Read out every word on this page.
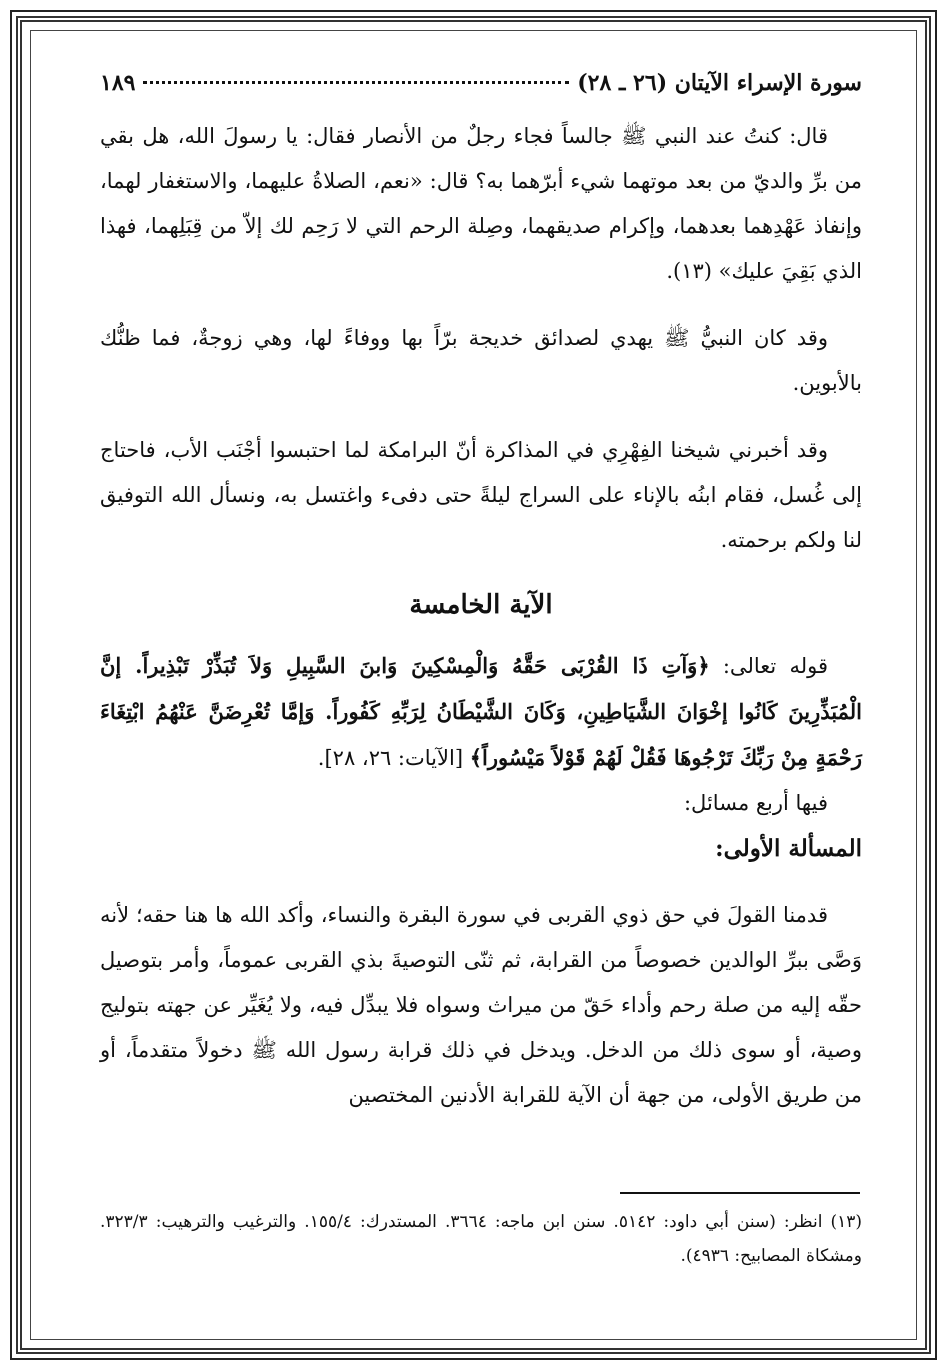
سورة الإسراء الآيتان (٢٦ ـ ٢٨)
١٨٩

قال: كنتُ عند النبي ﷺ جالساً فجاء رجلٌ من الأنصار فقال: يا رسولَ الله، هل بقي من برِّ والديّ من بعد موتهما شيء أبرّهما به؟ قال: «نعم، الصلاةُ عليهما، والاستغفار لهما، وإنفاذ عَهْدِهما بعدهما، وإكرام صديقهما، وصِلة الرحم التي لا رَحِم لك إلاّ من قِبَلِهما، فهذا الذي بَقِيَ عليك» (١٣).

وقد كان النبيُّ ﷺ يهدي لصدائق خديجة برّاً بها ووفاءً لها، وهي زوجةٌ، فما ظنُّك بالأبوين.

وقد أخبرني شيخنا الفِهْرِي في المذاكرة أنّ البرامكة لما احتبسوا أجْنَب الأب، فاحتاج إلى غُسل، فقام ابنُه بالإناء على السراج ليلةً حتى دفىء واغتسل به، ونسأل الله التوفيق لنا ولكم برحمته.

الآية الخامسة

قوله تعالى: ﴿وَآتِ ذَا القُرْبَى حَقَّهُ وَالْمِسْكِينَ وَابنَ السَّبِيلِ وَلاَ تُبَذِّرْ تَبْذِيراً. إنَّ الْمُبَذِّرِينَ كَانُوا إخْوَانَ الشَّيَاطِينِ، وَكَانَ الشَّيْطَانُ لِرَبِّهِ كَفُوراً. وَإمَّا تُعْرِضَنَّ عَنْهُمُ ابْتِغَاءَ رَحْمَةٍ مِنْ رَبِّكَ تَرْجُوهَا فَقُلْ لَهُمْ قَوْلاً مَيْسُوراً﴾ [الآيات: ٢٦، ٢٨].

فيها أربع مسائل:

المسألة الأولى:

قدمنا القولَ في حق ذوي القربى في سورة البقرة والنساء، وأكد الله ها هنا حقه؛ لأنه وَصَّى ببرِّ الوالدين خصوصاً من القرابة، ثم ثنّى التوصيةَ بذي القربى عموماً، وأمر بتوصيل حقّه إليه من صلة رحم وأداء حَقّ من ميراث وسواه فلا يبدِّل فيه، ولا يُغَيِّر عن جهته بتوليج وصية، أو سوى ذلك من الدخل. ويدخل في ذلك قرابة رسول الله ﷺ دخولاً متقدماً، أو من طريق الأولى، من جهة أن الآية للقرابة الأدنين المختصين

(١٣) انظر: (سنن أبي داود: ٥١٤٢. سنن ابن ماجه: ٣٦٦٤. المستدرك: ١٥٥/٤. والترغيب والترهيب: ٣٢٣/٣. ومشكاة المصابيح: ٤٩٣٦).
